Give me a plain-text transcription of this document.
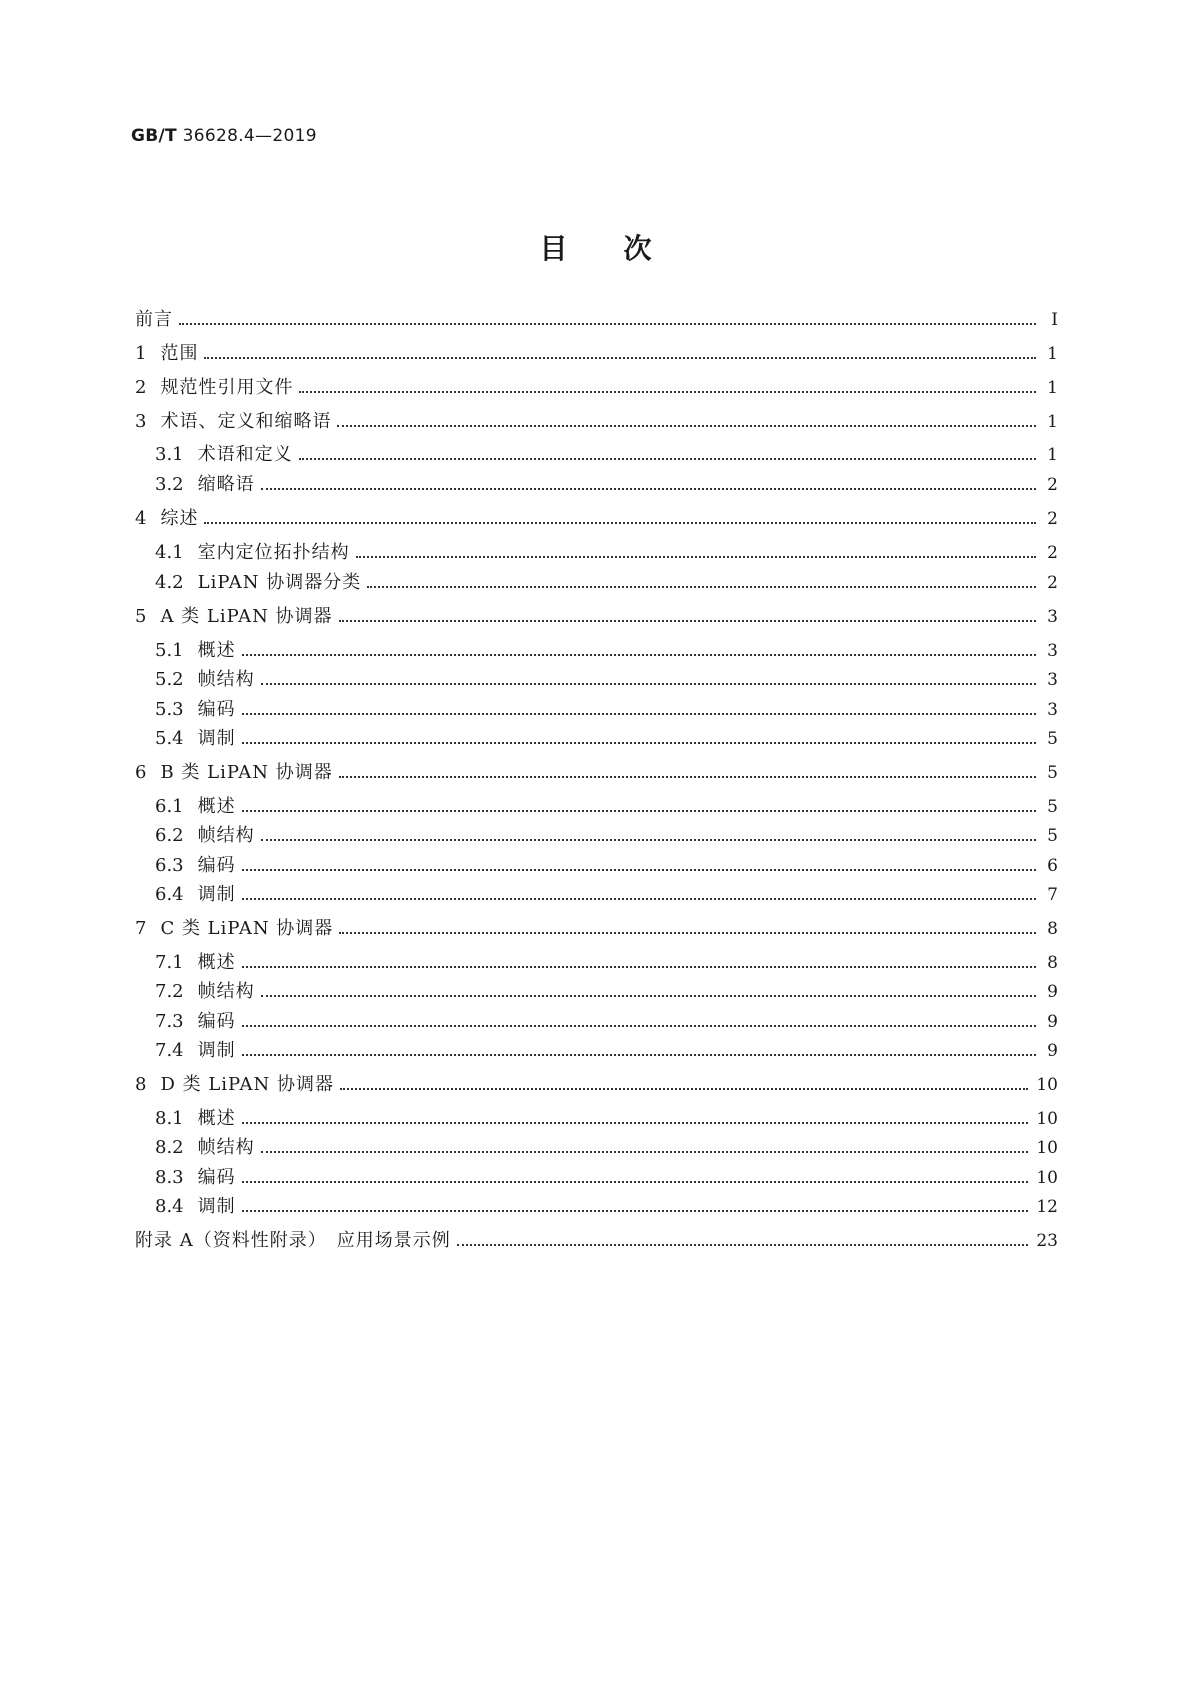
GB/T 36628.4—2019
目次
前言	Ⅰ
1 范围	1
2 规范性引用文件	1
3 术语、定义和缩略语	1
3.1 术语和定义	1
3.2 缩略语	2
4 综述	2
4.1 室内定位拓扑结构	2
4.2 LiPAN 协调器分类	2
5 A 类 LiPAN 协调器	3
5.1 概述	3
5.2 帧结构	3
5.3 编码	3
5.4 调制	5
6 B 类 LiPAN 协调器	5
6.1 概述	5
6.2 帧结构	5
6.3 编码	6
6.4 调制	7
7 C 类 LiPAN 协调器	8
7.1 概述	8
7.2 帧结构	9
7.3 编码	9
7.4 调制	9
8 D 类 LiPAN 协调器	10
8.1 概述	10
8.2 帧结构	10
8.3 编码	10
8.4 调制	12
附录 A（资料性附录）　应用场景示例	23
